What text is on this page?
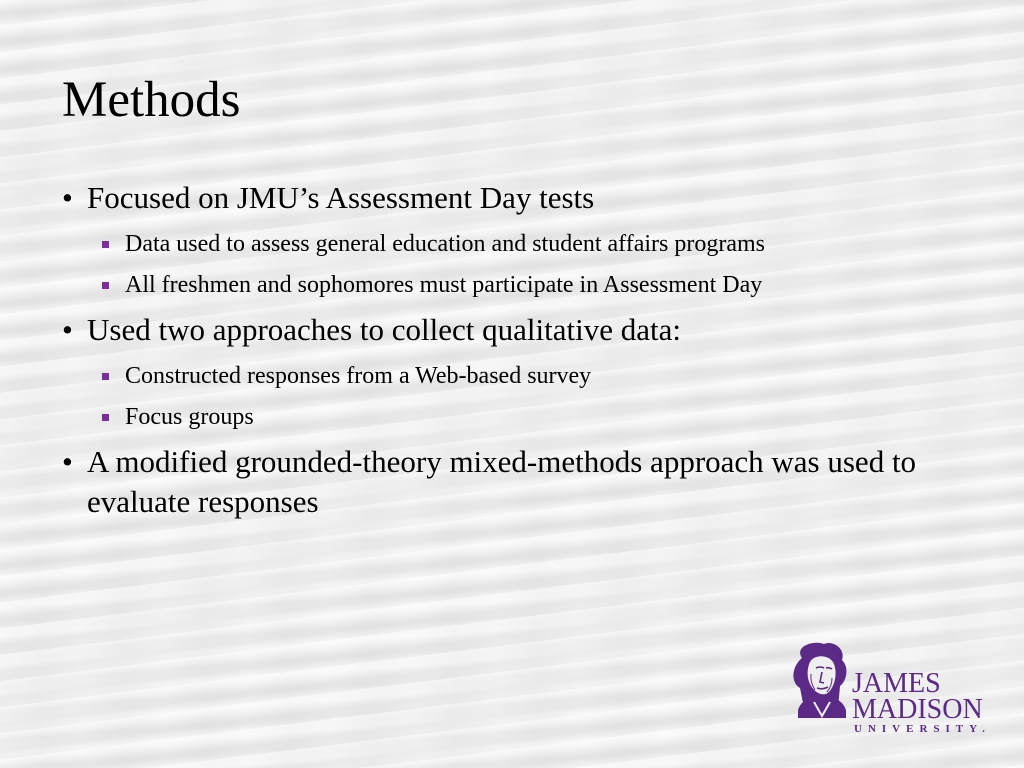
Methods
• Focused on JMU’s Assessment Day tests
Data used to assess general education and student affairs programs
All freshmen and sophomores must participate in Assessment Day
• Used two approaches to collect qualitative data:
Constructed responses from a Web-based survey
Focus groups
• A modified grounded-theory mixed-methods approach was used to evaluate responses
JAMES
MADISON
UNIVERSITY.
